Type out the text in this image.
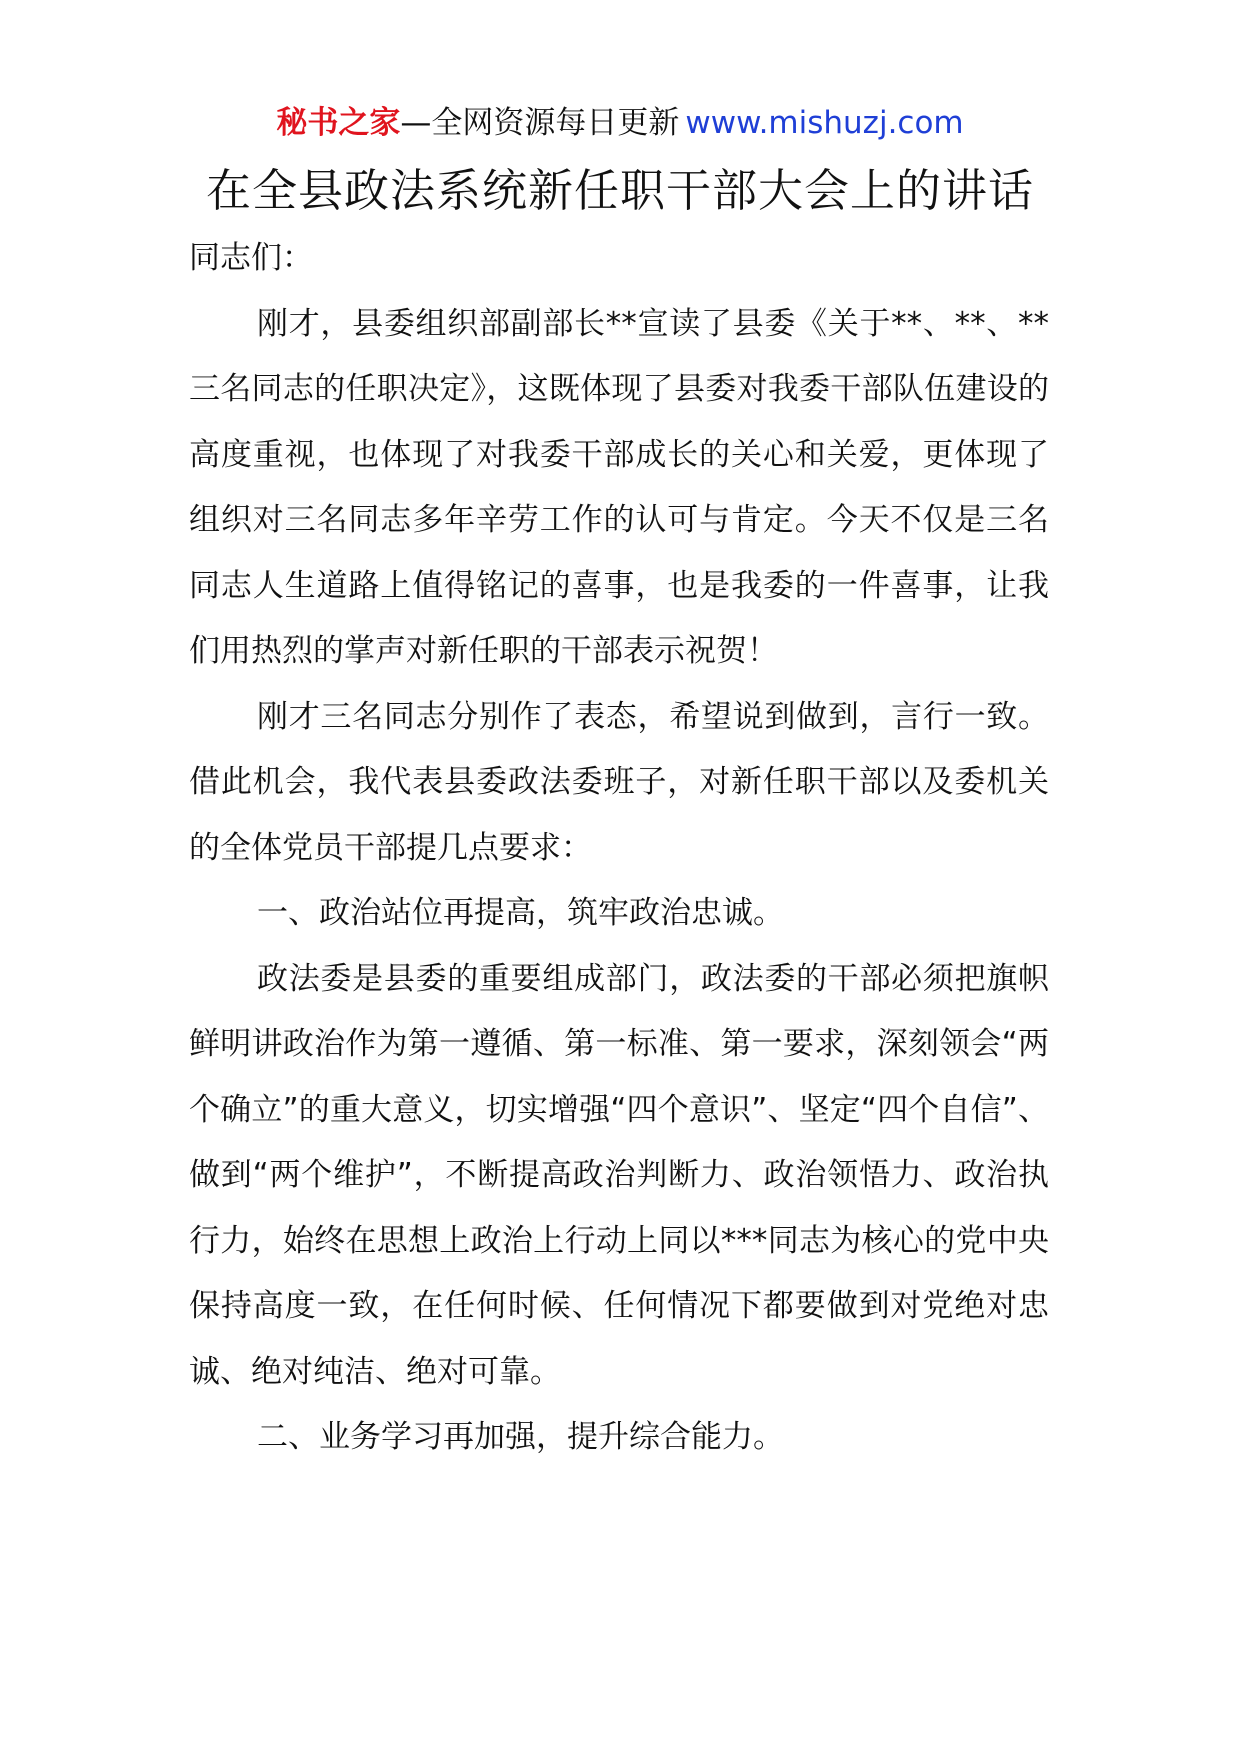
秘书之家—全网资源每日更新 www.mishuzj.com
在全县政法系统新任职干部大会上的讲话

同志们：

刚才，县委组织部副部长**宣读了县委《关于**、**、**三名同志的任职决定》，这既体现了县委对我委干部队伍建设的高度重视，也体现了对我委干部成长的关心和关爱，更体现了组织对三名同志多年辛劳工作的认可与肯定。今天不仅是三名同志人生道路上值得铭记的喜事，也是我委的一件喜事，让我们用热烈的掌声对新任职的干部表示祝贺！

刚才三名同志分别作了表态，希望说到做到，言行一致。借此机会，我代表县委政法委班子，对新任职干部以及委机关的全体党员干部提几点要求：

一、政治站位再提高，筑牢政治忠诚。

政法委是县委的重要组成部门，政法委的干部必须把旗帜鲜明讲政治作为第一遵循、第一标准、第一要求，深刻领会“两个确立”的重大意义，切实增强“四个意识”、坚定“四个自信”、做到“两个维护”，不断提高政治判断力、政治领悟力、政治执行力，始终在思想上政治上行动上同以***同志为核心的党中央保持高度一致，在任何时候、任何情况下都要做到对党绝对忠诚、绝对纯洁、绝对可靠。

二、业务学习再加强，提升综合能力。
